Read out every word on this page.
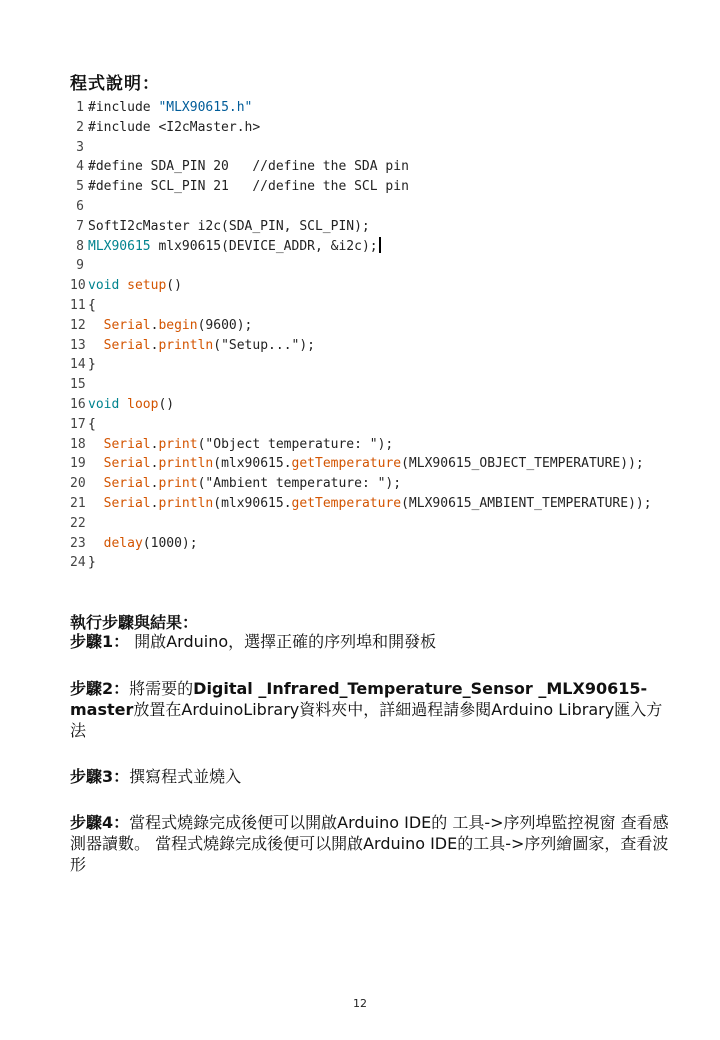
程式說明：
1 #include "MLX90615.h"
2 #include <I2cMaster.h>
3
4 #define SDA_PIN 20   //define the SDA pin
5 #define SCL_PIN 21   //define the SCL pin
6
7 SoftI2cMaster i2c(SDA_PIN, SCL_PIN);
8 MLX90615 mlx90615(DEVICE_ADDR, &i2c);
9
10 void setup()
11 {
12 Serial.begin(9600);
13 Serial.println("Setup...");
14 }
15
16 void loop()
17 {
18 Serial.print("Object temperature: ");
19 Serial.println(mlx90615.getTemperature(MLX90615_OBJECT_TEMPERATURE));
20 Serial.print("Ambient temperature: ");
21 Serial.println(mlx90615.getTemperature(MLX90615_AMBIENT_TEMPERATURE));
22
23 delay(1000);
24 }
執行步驟與結果：
步驟1： 開啟Arduino，選擇正確的序列埠和開發板
步驟2：將需要的Digital _Infrared_Temperature_Sensor _MLX90615-master放置在ArduinoLibrary資料夾中，詳細過程請參閱Arduino Library匯入方法
步驟3：撰寫程式並燒入
步驟4：當程式燒錄完成後便可以開啟Arduino IDE的 工具->序列埠監控視窗 查看感測器讀數。 當程式燒錄完成後便可以開啟Arduino IDE的工具->序列繪圖家，查看波形
12
